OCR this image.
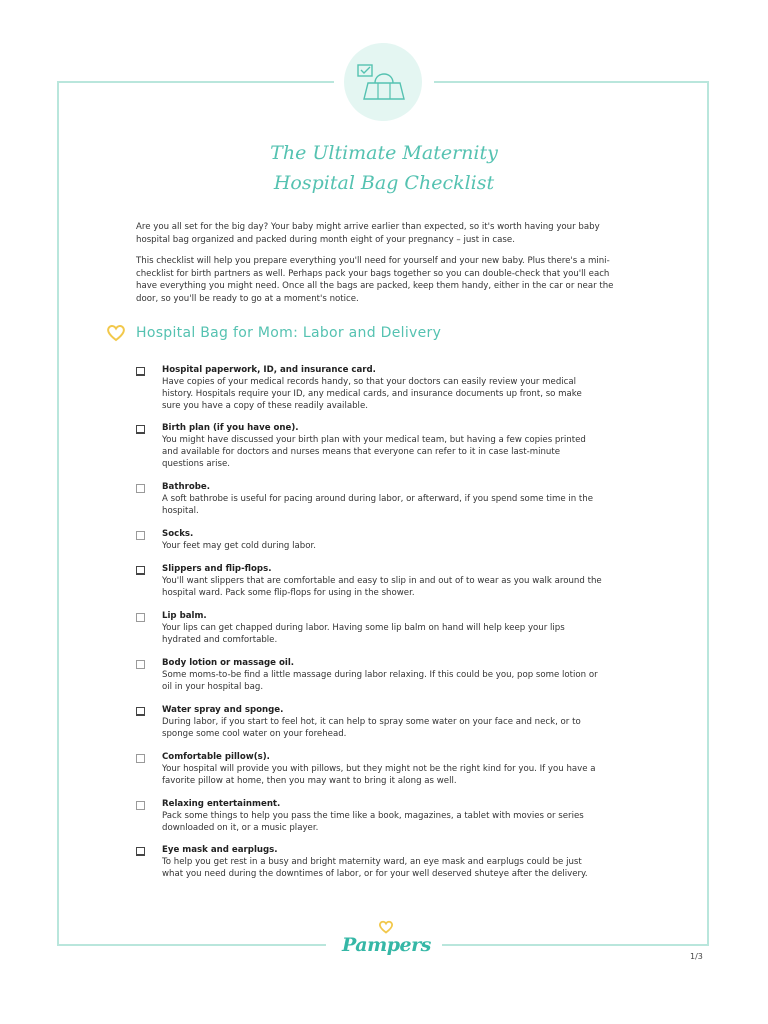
The Ultimate Maternity
Hospital Bag Checklist
Are you all set for the big day? Your baby might arrive earlier than expected, so it's worth having your baby hospital bag organized and packed during month eight of your pregnancy – just in case.
This checklist will help you prepare everything you'll need for yourself and your new baby. Plus there's a mini-checklist for birth partners as well. Perhaps pack your bags together so you can double-check that you'll each have everything you might need. Once all the bags are packed, keep them handy, either in the car or near the door, so you'll be ready to go at a moment's notice.
Hospital Bag for Mom: Labor and Delivery
Hospital paperwork, ID, and insurance card.
Have copies of your medical records handy, so that your doctors can easily review your medical history. Hospitals require your ID, any medical cards, and insurance documents up front, so make sure you have a copy of these readily available.
Birth plan (if you have one).
You might have discussed your birth plan with your medical team, but having a few copies printed and available for doctors and nurses means that everyone can refer to it in case last-minute questions arise.
Bathrobe.
A soft bathrobe is useful for pacing around during labor, or afterward, if you spend some time in the hospital.
Socks.
Your feet may get cold during labor.
Slippers and flip-flops.
You'll want slippers that are comfortable and easy to slip in and out of to wear as you walk around the hospital ward. Pack some flip-flops for using in the shower.
Lip balm.
Your lips can get chapped during labor. Having some lip balm on hand will help keep your lips hydrated and comfortable.
Body lotion or massage oil.
Some moms-to-be find a little massage during labor relaxing. If this could be you, pop some lotion or oil in your hospital bag.
Water spray and sponge.
During labor, if you start to feel hot, it can help to spray some water on your face and neck, or to sponge some cool water on your forehead.
Comfortable pillow(s).
Your hospital will provide you with pillows, but they might not be the right kind for you. If you have a favorite pillow at home, then you may want to bring it along as well.
Relaxing entertainment.
Pack some things to help you pass the time like a book, magazines, a tablet with movies or series downloaded on it, or a music player.
Eye mask and earplugs.
To help you get rest in a busy and bright maternity ward, an eye mask and earplugs could be just what you need during the downtimes of labor, or for your well deserved shuteye after the delivery.
Pampers
1/3
